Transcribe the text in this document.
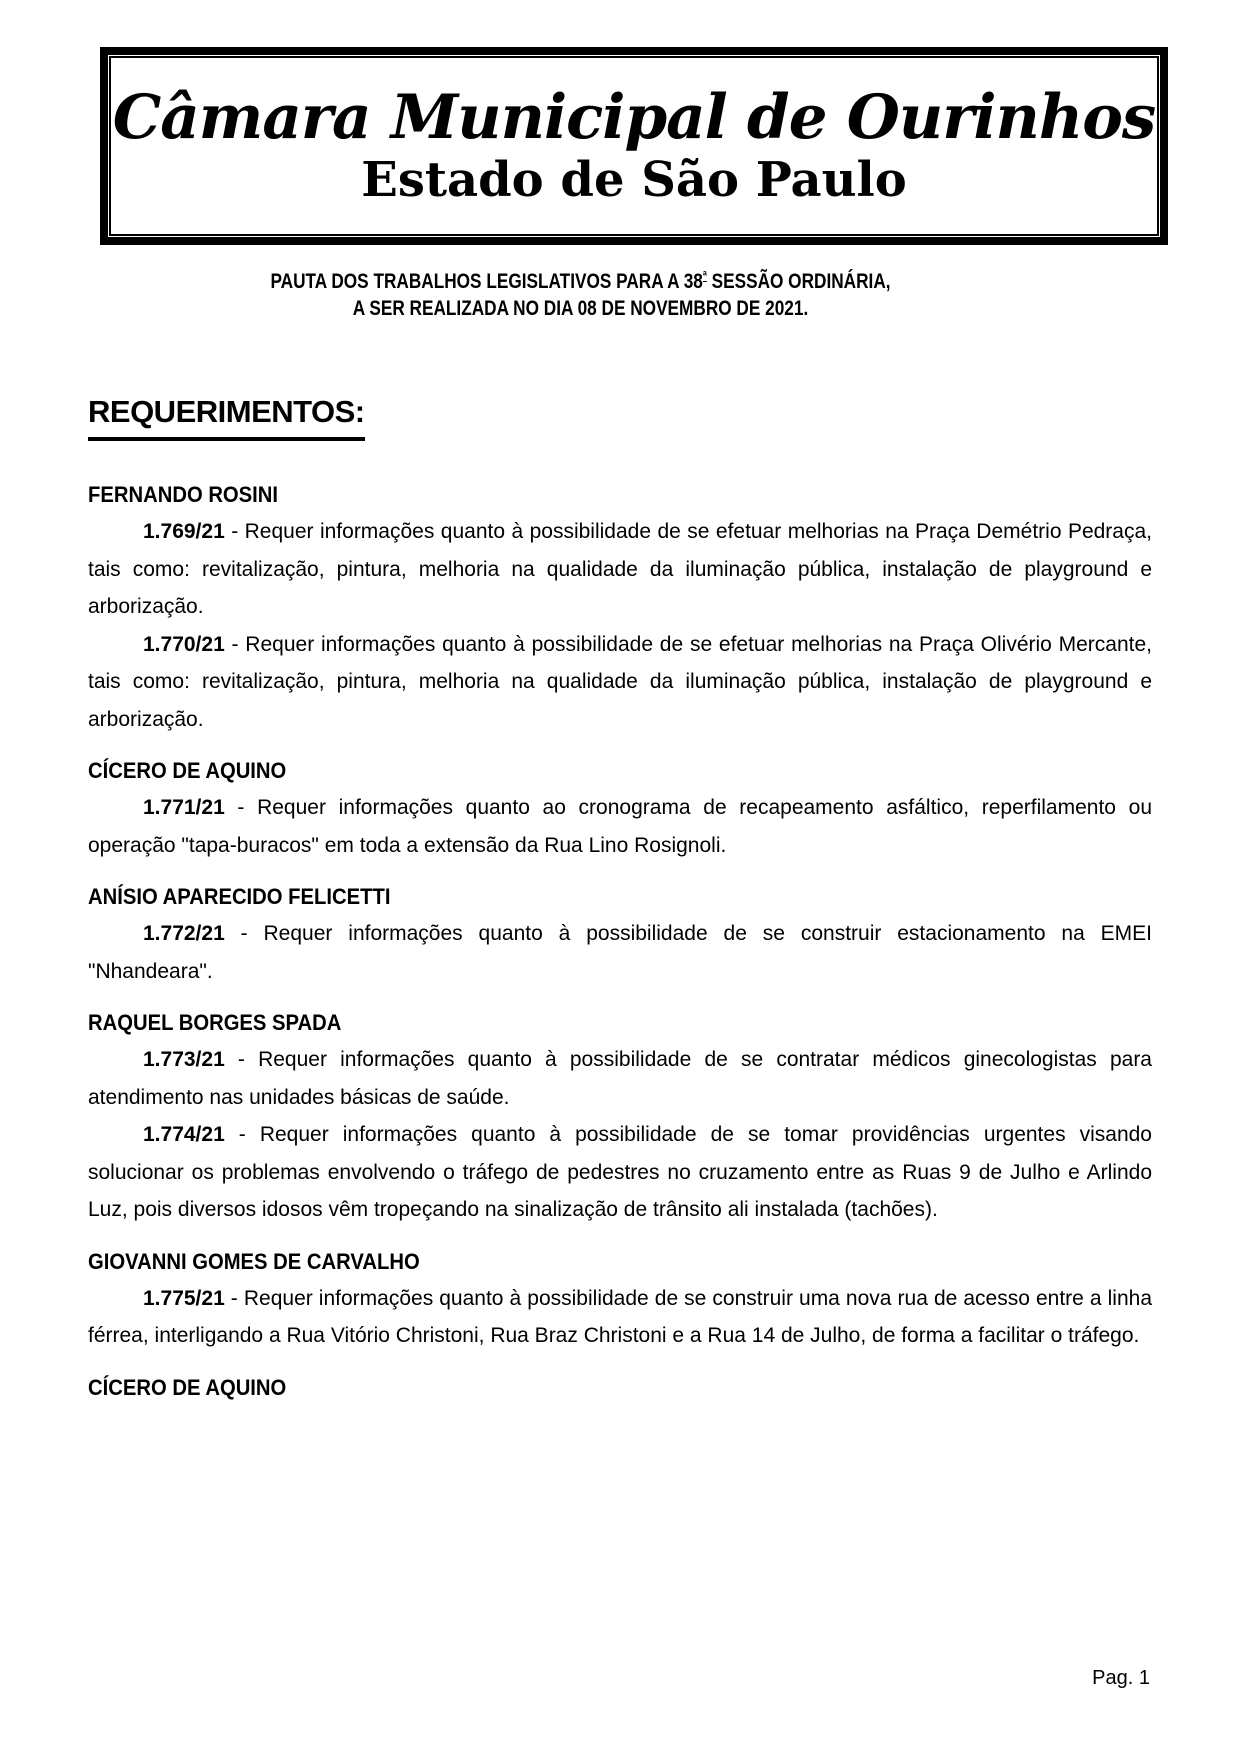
Câmara Municipal de Ourinhos
Estado de São Paulo
PAUTA DOS TRABALHOS LEGISLATIVOS PARA A $38^ª$ SESSÃO ORDINÁRIA,
A SER REALIZADA NO DIA 08 DE NOVEMBRO DE 2021.
REQUERIMENTOS:

FERNANDO ROSINI

1.769/21 - Requer informações quanto à possibilidade de se efetuar melhorias na Praça Demétrio Pedraça, tais como: revitalização, pintura, melhoria na qualidade da iluminação pública, instalação de playground e arborização.

1.770/21 - Requer informações quanto à possibilidade de se efetuar melhorias na Praça Olivério Mercante, tais como: revitalização, pintura, melhoria na qualidade da iluminação pública, instalação de playground e arborização.

CÍCERO DE AQUINO

1.771/21 - Requer informações quanto ao cronograma de recapeamento asfáltico, reperfilamento ou operação "tapa-buracos" em toda a extensão da Rua Lino Rosignoli.

ANÍSIO APARECIDO FELICETTI

1.772/21 - Requer informações quanto à possibilidade de se construir estacionamento na EMEI "Nhandeara".

RAQUEL BORGES SPADA

1.773/21 - Requer informações quanto à possibilidade de se contratar médicos ginecologistas para atendimento nas unidades básicas de saúde.

1.774/21 - Requer informações quanto à possibilidade de se tomar providências urgentes visando solucionar os problemas envolvendo o tráfego de pedestres no cruzamento entre as Ruas 9 de Julho e Arlindo Luz, pois diversos idosos vêm tropeçando na sinalização de trânsito ali instalada (tachões).

GIOVANNI GOMES DE CARVALHO

1.775/21 - Requer informações quanto à possibilidade de se construir uma nova rua de acesso entre a linha férrea, interligando a Rua Vitório Christoni, Rua Braz Christoni e a Rua 14 de Julho, de forma a facilitar o tráfego.

CÍCERO DE AQUINO

Pag. 1
